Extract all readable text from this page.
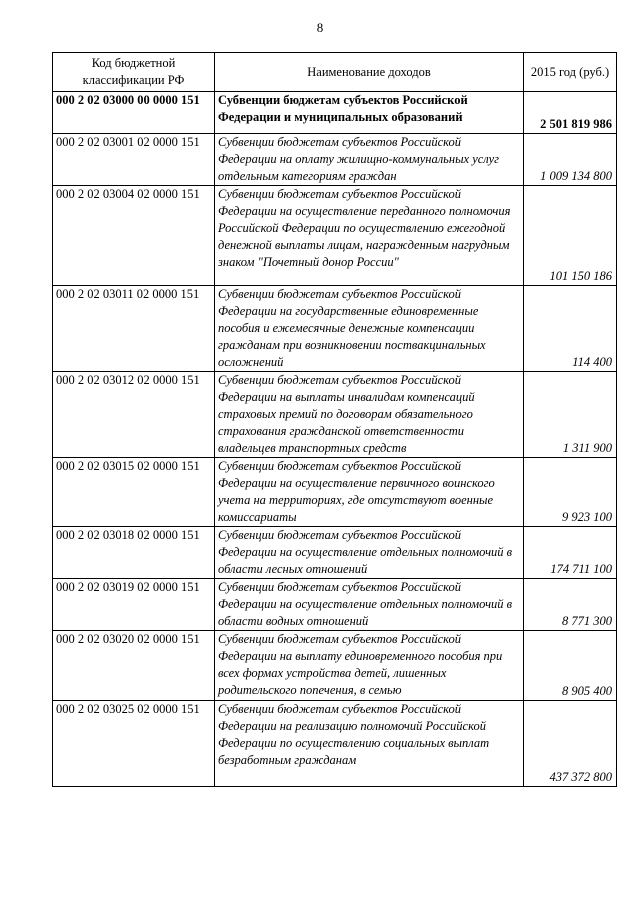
8
Код бюджетной классификации РФ	Наименование доходов	2015 год (руб.)
000 2 02 03000 00 0000 151	Субвенции бюджетам субъектов Российской Федерации и муниципальных образований	2 501 819 986
000 2 02 03001 02 0000 151	Субвенции бюджетам субъектов Российской Федерации на оплату жилищно-коммунальных услуг отдельным категориям граждан	1 009 134 800
000 2 02 03004 02 0000 151	Субвенции бюджетам субъектов Российской Федерации на осуществление переданного полномочия Российской Федерации по осуществлению ежегодной денежной выплаты лицам, награжденным нагрудным знаком "Почетный донор России"	101 150 186
000 2 02 03011 02 0000 151	Субвенции бюджетам субъектов Российской Федерации на государственные единовременные пособия и ежемесячные денежные компенсации гражданам при возникновении поствакцинальных осложнений	114 400
000 2 02 03012 02 0000 151	Субвенции бюджетам субъектов Российской Федерации на выплаты инвалидам компенсаций страховых премий по договорам обязательного страхования гражданской ответственности владельцев транспортных средств	1 311 900
000 2 02 03015 02 0000 151	Субвенции бюджетам субъектов Российской Федерации на осуществление первичного воинского учета на территориях, где отсутствуют военные комиссариаты	9 923 100
000 2 02 03018 02 0000 151	Субвенции бюджетам субъектов Российской Федерации на осуществление отдельных полномочий в области лесных отношений	174 711 100
000 2 02 03019 02 0000 151	Субвенции бюджетам субъектов Российской Федерации на осуществление отдельных полномочий в области водных отношений	8 771 300
000 2 02 03020 02 0000 151	Субвенции бюджетам субъектов Российской Федерации на выплату единовременного пособия при всех формах устройства детей, лишенных родительского попечения, в семью	8 905 400
000 2 02 03025 02 0000 151	Субвенции бюджетам субъектов Российской Федерации на реализацию полномочий Российской Федерации по осуществлению социальных выплат безработным гражданам	437 372 800
